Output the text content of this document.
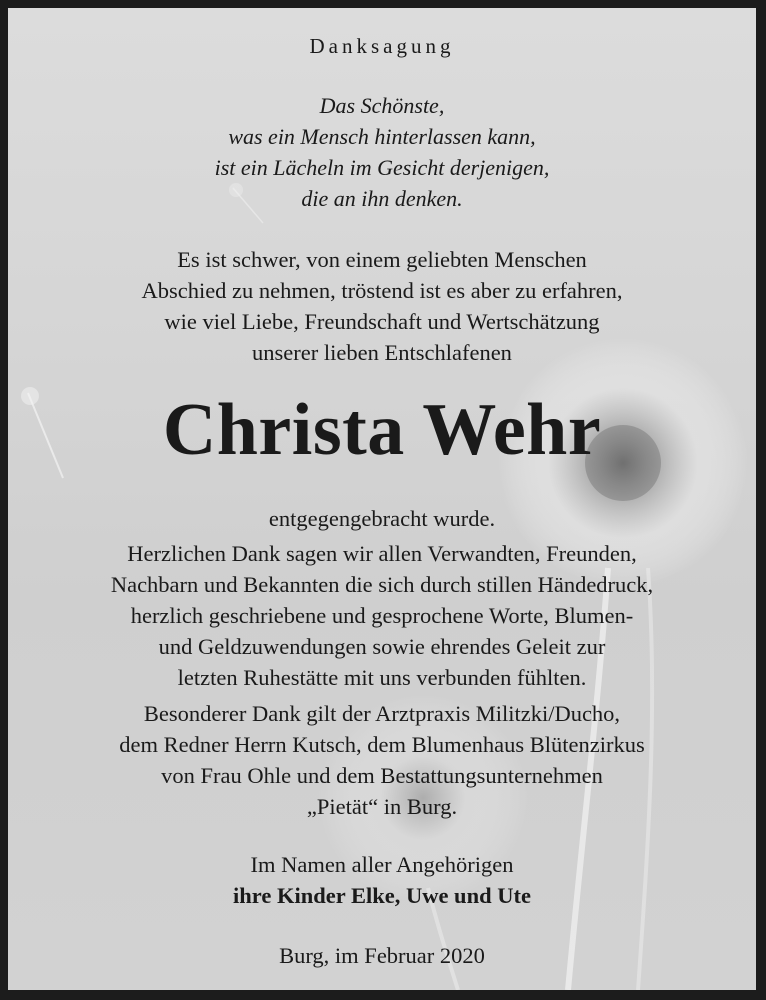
Danksagung
Das Schönste,
was ein Mensch hinterlassen kann,
ist ein Lächeln im Gesicht derjenigen,
die an ihn denken.
Es ist schwer, von einem geliebten Menschen
Abschied zu nehmen, tröstend ist es aber zu erfahren,
wie viel Liebe, Freundschaft und Wertschätzung
unserer lieben Entschlafenen
Christa Wehr
entgegengebracht wurde.
Herzlichen Dank sagen wir allen Verwandten, Freunden,
Nachbarn und Bekannten die sich durch stillen Händedruck,
herzlich geschriebene und gesprochene Worte, Blumen-
und Geldzuwendungen sowie ehrendes Geleit zur
letzten Ruhestätte mit uns verbunden fühlten.
Besonderer Dank gilt der Arztpraxis Militzki/Ducho,
dem Redner Herrn Kutsch, dem Blumenhaus Blütenzirkus
von Frau Ohle und dem Bestattungsunternehmen
„Pietät“ in Burg.
Im Namen aller Angehörigen
ihre Kinder Elke, Uwe und Ute
Burg, im Februar 2020
